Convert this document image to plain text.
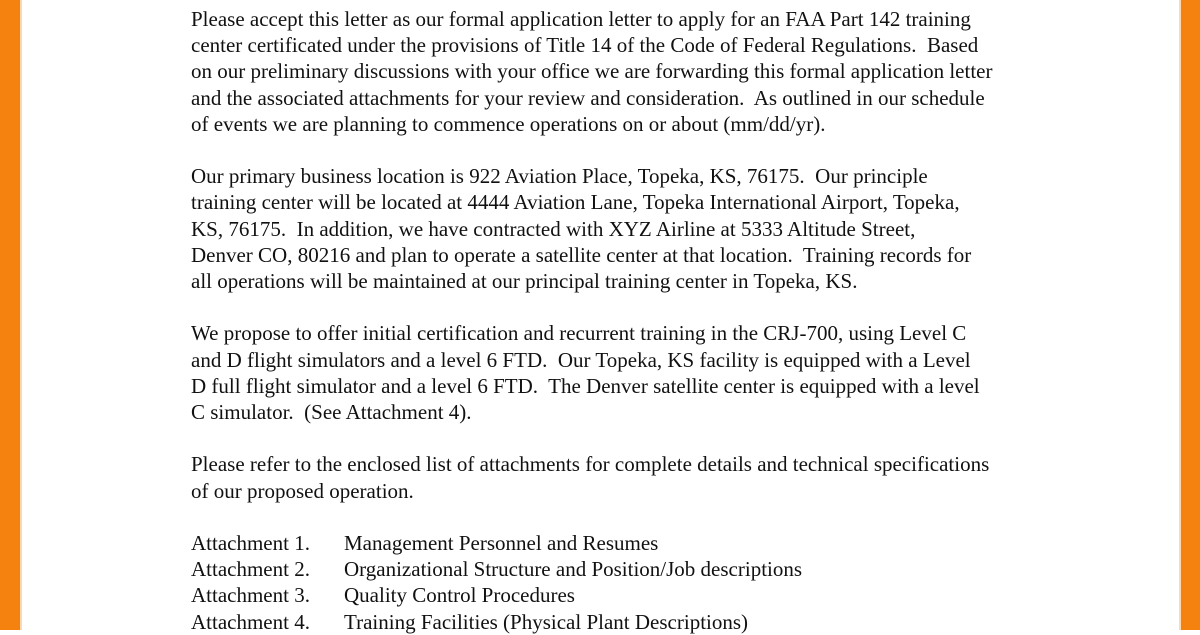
Please accept this letter as our formal application letter to apply for an FAA Part 142 training
center certificated under the provisions of Title 14 of the Code of Federal Regulations.  Based
on our preliminary discussions with your office we are forwarding this formal application letter
and the associated attachments for your review and consideration.  As outlined in our schedule
of events we are planning to commence operations on or about (mm/dd/yr).
Our primary business location is 922 Aviation Place, Topeka, KS, 76175.  Our principle
training center will be located at 4444 Aviation Lane, Topeka International Airport, Topeka,
KS, 76175.  In addition, we have contracted with XYZ Airline at 5333 Altitude Street,
Denver CO, 80216 and plan to operate a satellite center at that location.  Training records for
all operations will be maintained at our principal training center in Topeka, KS.
We propose to offer initial certification and recurrent training in the CRJ-700, using Level C
and D flight simulators and a level 6 FTD.  Our Topeka, KS facility is equipped with a Level
D full flight simulator and a level 6 FTD.  The Denver satellite center is equipped with a level
C simulator.  (See Attachment 4).
Please refer to the enclosed list of attachments for complete details and technical specifications
of our proposed operation.
Attachment 1. Management Personnel and Resumes
Attachment 2. Organizational Structure and Position/Job descriptions
Attachment 3. Quality Control Procedures
Attachment 4. Training Facilities (Physical Plant Descriptions)
